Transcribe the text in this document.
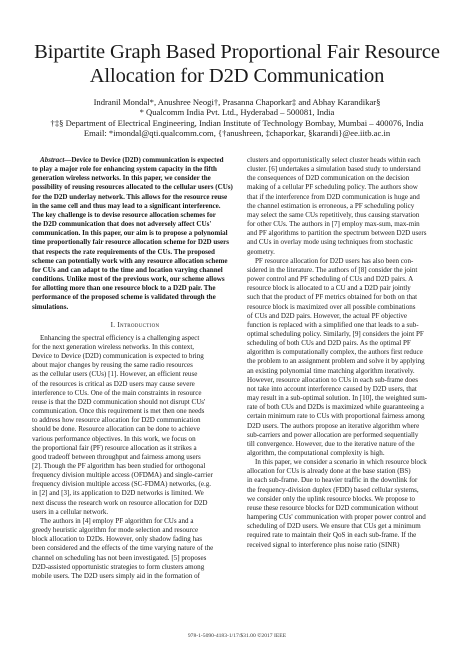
Bipartite Graph Based Proportional Fair Resource
Allocation for D2D Communication
Indranil Mondal*, Anushree Neogi†, Prasanna Chaporkar‡ and Abhay Karandikar§
* Qualcomm India Pvt. Ltd., Hyderabad – 500081, India
†‡§ Department of Electrical Engineering, Indian Institute of Technology Bombay, Mumbai – 400076, India
Email: *imondal@qti.qualcomm.com, {†anushreen, ‡chaporkar, §karandi}@ee.iitb.ac.in

Abstract—Device to Device (D2D) communication is expected

to play a major role for enhancing system capacity in the fifth

generation wireless networks. In this paper, we consider the

possibility of reusing resources allocated to the cellular users (CUs)

for the D2D underlay network. This allows for the resource reuse

in the same cell and thus may lead to a significant interference.

The key challenge is to devise resource allocation schemes for

the D2D communication that does not adversely affect CUs'

communication. In this paper, our aim is to propose a polynomial

time proportionally fair resource allocation scheme for D2D users

that respects the rate requirements of the CUs. The proposed

scheme can potentially work with any resource allocation scheme

for CUs and can adapt to the time and location varying channel

conditions. Unlike most of the previous work, our scheme allows

for allotting more than one resource block to a D2D pair. The

performance of the proposed scheme is validated through the

simulations.

I. Introduction

Enhancing the spectral efficiency is a challenging aspect

for the next generation wireless networks. In this context,

Device to Device (D2D) communication is expected to bring

about major changes by reusing the same radio resources

as the cellular users (CUs) [1]. However, an efficient reuse

of the resources is critical as D2D users may cause severe

interference to CUs. One of the main constraints in resource

reuse is that the D2D communication should not disrupt CUs'

communication. Once this requirement is met then one needs

to address how resource allocation for D2D communication

should be done. Resource allocation can be done to achieve

various performance objectives. In this work, we focus on

the proportional fair (PF) resource allocation as it strikes a

good tradeoff between throughput and fairness among users

[2]. Though the PF algorithm has been studied for orthogonal

frequency division multiple access (OFDMA) and single-carrier

frequency division multiple access (SC-FDMA) networks, (e.g.

in [2] and [3], its application to D2D networks is limited. We

next discuss the research work on resource allocation for D2D

users in a cellular network.

The authors in [4] employ PF algorithm for CUs and a

greedy heuristic algorithm for mode selection and resource

block allocation to D2Ds. However, only shadow fading has

been considered and the effects of the time varying nature of the

channel on scheduling has not been investigated. [5] proposes

D2D-assisted opportunistic strategies to form clusters among

mobile users. The D2D users simply aid in the formation of

clusters and opportunistically select cluster heads within each

cluster. [6] undertakes a simulation based study to understand

the consequences of D2D communication on the decision

making of a cellular PF scheduling policy. The authors show

that if the interference from D2D communication is huge and

the channel estimation is erroneous, a PF scheduling policy

may select the same CUs repetitively, thus causing starvation

for other CUs. The authors in [7] employ max-sum, max-min

and PF algorithms to partition the spectrum between D2D users

and CUs in overlay mode using techniques from stochastic

geometry.

PF resource allocation for D2D users has also been con-

sidered in the literature. The authors of [8] consider the joint

power control and PF scheduling of CUs and D2D pairs. A

resource block is allocated to a CU and a D2D pair jointly

such that the product of PF metrics obtained for both on that

resource block is maximized over all possible combinations

of CUs and D2D pairs. However, the actual PF objective

function is replaced with a simplified one that leads to a sub-

optimal scheduling policy. Similarly, [9] considers the joint PF

scheduling of both CUs and D2D pairs. As the optimal PF

algorithm is computationally complex, the authors first reduce

the problem to an assignment problem and solve it by applying

an existing polynomial time matching algorithm iteratively.

However, resource allocation to CUs in each sub-frame does

not take into account interference caused by D2D users, that

may result in a sub-optimal solution. In [10], the weighted sum-

rate of both CUs and D2Ds is maximized while guaranteeing a

certain minimum rate to CUs with proportional fairness among

D2D users. The authors propose an iterative algorithm where

sub-carriers and power allocation are performed sequentially

till convergence. However, due to the iterative nature of the

algorithm, the computational complexity is high.

In this paper, we consider a scenario in which resource block

allocation for CUs is already done at the base station (BS)

in each sub-frame. Due to heavier traffic in the downlink for

the frequency-division duplex (FDD) based cellular systems,

we consider only the uplink resource blocks. We propose to

reuse these resource blocks for D2D communication without

hampering CUs' communication with proper power control and

scheduling of D2D users. We ensure that CUs get a minimum

required rate to maintain their QoS in each sub-frame. If the

received signal to interference plus noise ratio (SINR)

978-1-5090-4183-1/17/$31.00 ©2017 IEEE
